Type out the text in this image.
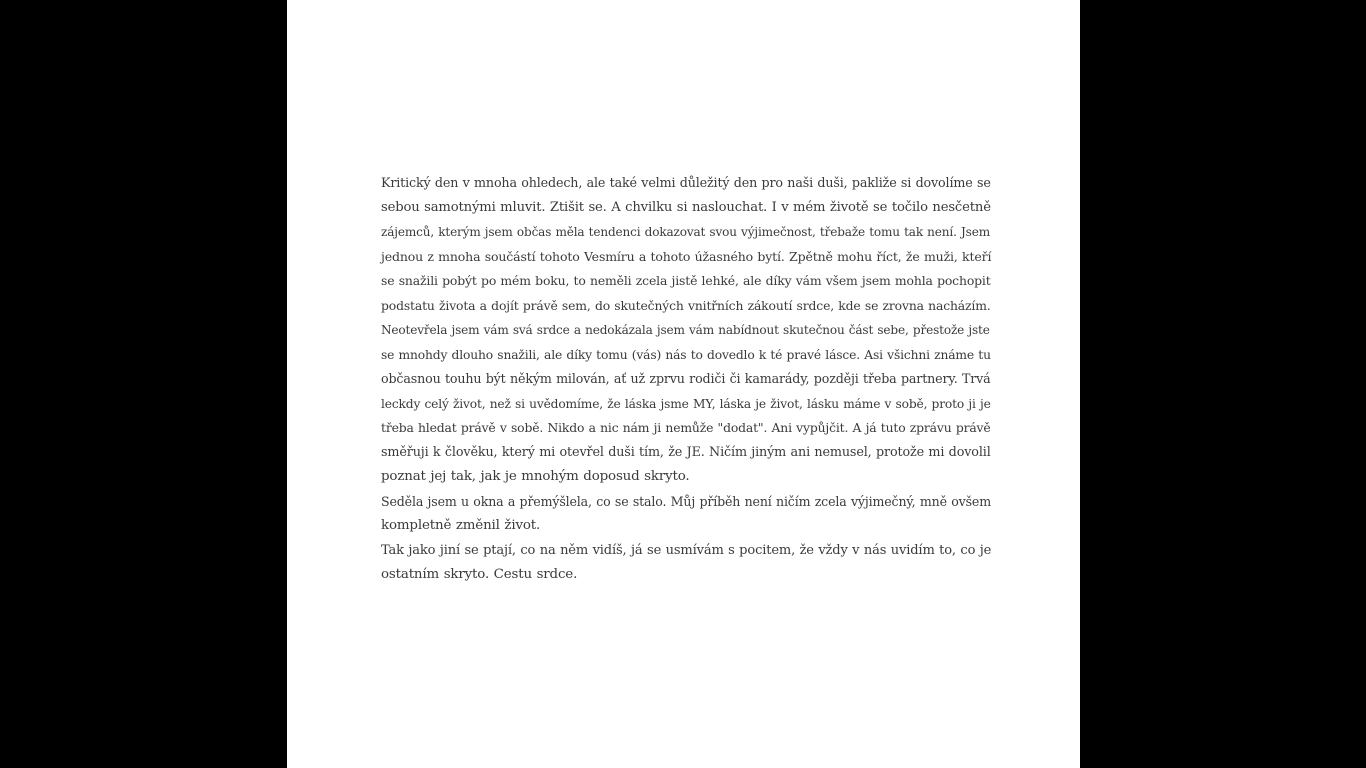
Kritický den v mnoha ohledech, ale také velmi důležitý den pro naši duši, pakliže si dovolíme se
sebou samotnými mluvit. Ztišit se. A chvilku si naslouchat. I v mém životě se točilo nesčetně
zájemců, kterým jsem občas měla tendenci dokazovat svou výjimečnost, třebaže tomu tak není. Jsem
jednou z mnoha součástí tohoto Vesmíru a tohoto úžasného bytí. Zpětně mohu říct, že muži, kteří
se snažili pobýt po mém boku, to neměli zcela jistě lehké, ale díky vám všem jsem mohla pochopit
podstatu života a dojít právě sem, do skutečných vnitřních zákoutí srdce, kde se zrovna nacházím.
Neotevřela jsem vám svá srdce a nedokázala jsem vám nabídnout skutečnou část sebe, přestože jste
se mnohdy dlouho snažili, ale díky tomu (vás) nás to dovedlo k té pravé lásce. Asi všichni známe tu
občasnou touhu být někým milován, ať už zprvu rodiči či kamarády, později třeba partnery. Trvá
leckdy celý život, než si uvědomíme, že láska jsme MY, láska je život, lásku máme v sobě, proto ji je
třeba hledat právě v sobě. Nikdo a nic nám ji nemůže "dodat". Ani vypůjčit. A já tuto zprávu právě
směřuji k člověku, který mi otevřel duši tím, že JE. Ničím jiným ani nemusel, protože mi dovolil
poznat jej tak, jak je mnohým doposud skryto.
Seděla jsem u okna a přemýšlela, co se stalo. Můj příběh není ničím zcela výjimečný, mně ovšem
kompletně změnil život.
Tak jako jiní se ptají, co na něm vidíš, já se usmívám s pocitem, že vždy v nás uvidím to, co je
ostatním skryto. Cestu srdce.
